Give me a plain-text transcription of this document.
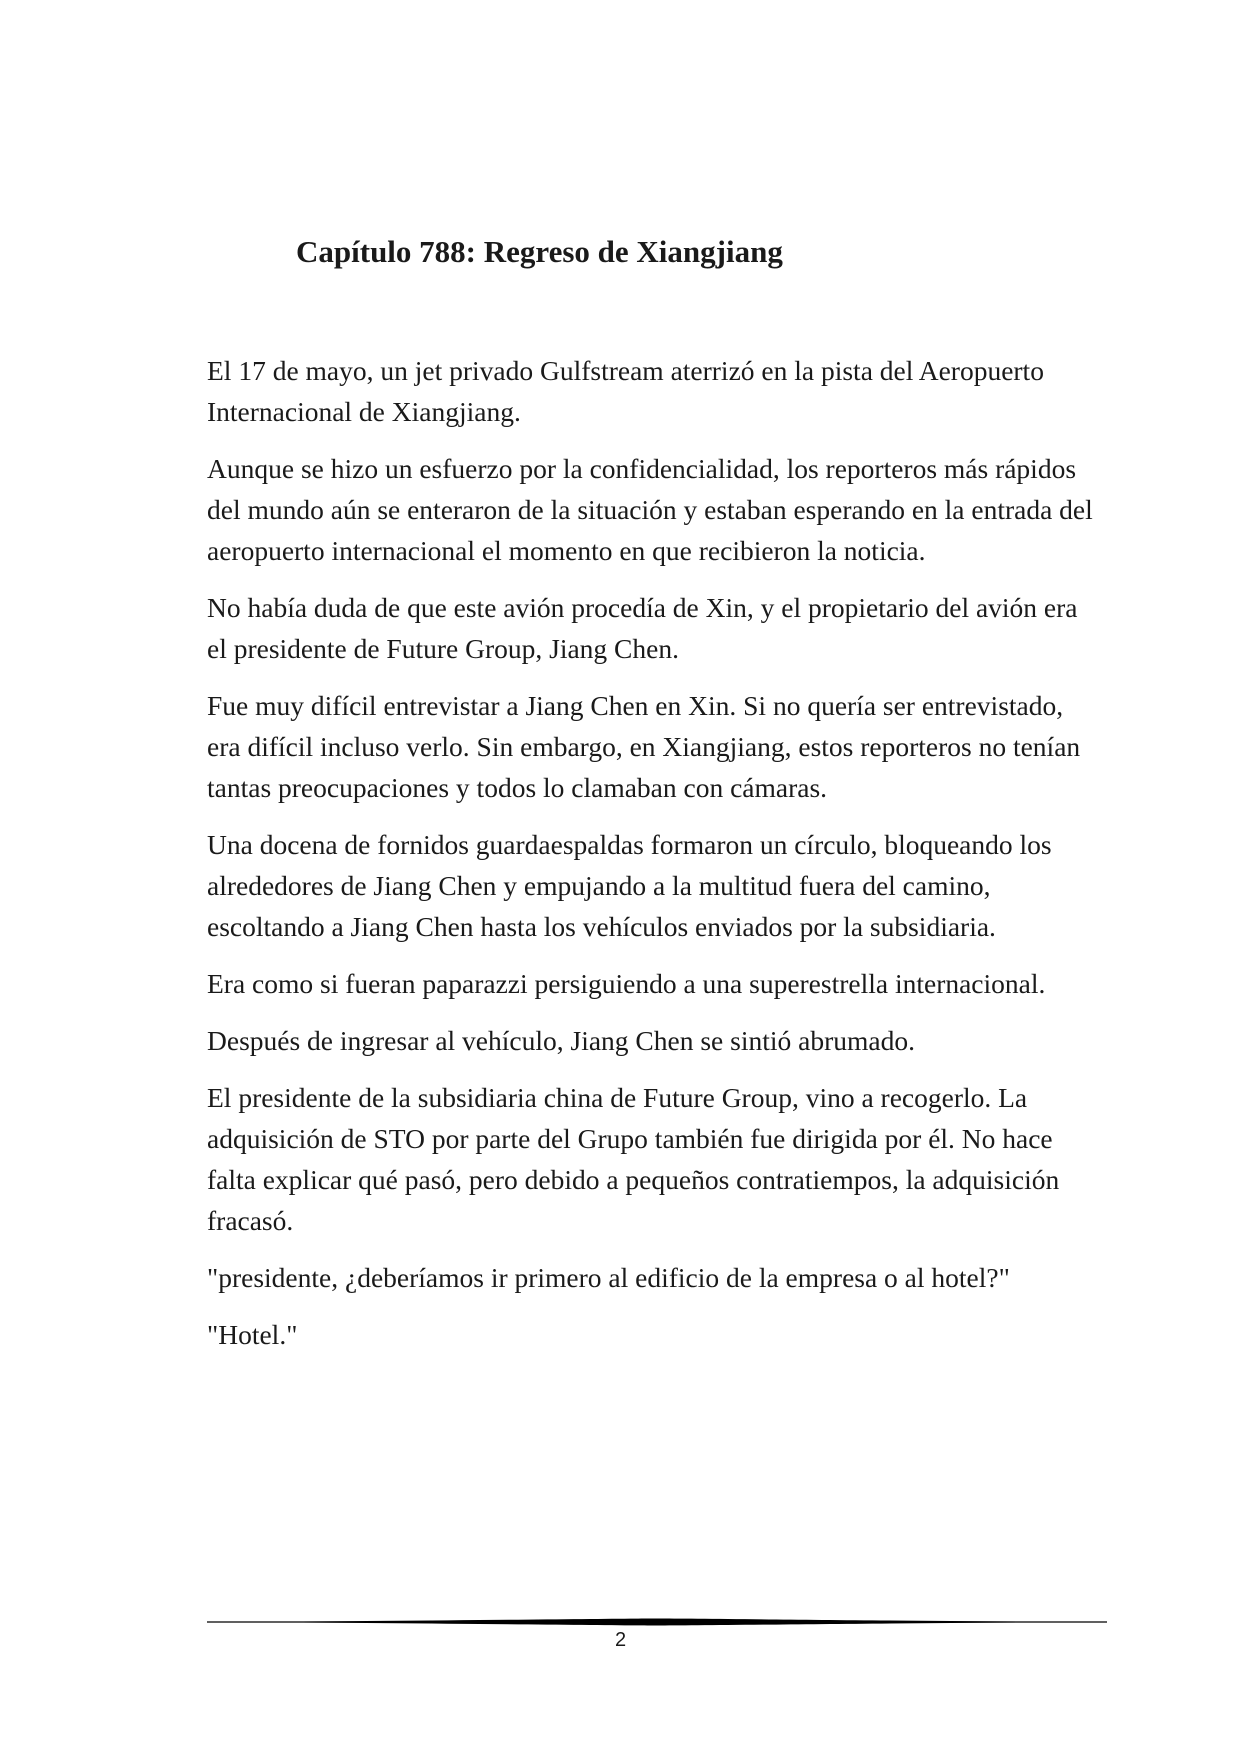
Capítulo 788: Regreso de Xiangjiang

El 17 de mayo, un jet privado Gulfstream aterrizó en la pista del Aeropuerto Internacional de Xiangjiang.

Aunque se hizo un esfuerzo por la confidencialidad, los reporteros más rápidos del mundo aún se enteraron de la situación y estaban esperando en la entrada del aeropuerto internacional el momento en que recibieron la noticia.

No había duda de que este avión procedía de Xin, y el propietario del avión era el presidente de Future Group, Jiang Chen.

Fue muy difícil entrevistar a Jiang Chen en Xin. Si no quería ser entrevistado, era difícil incluso verlo. Sin embargo, en Xiangjiang, estos reporteros no tenían tantas preocupaciones y todos lo clamaban con cámaras.

Una docena de fornidos guardaespaldas formaron un círculo, bloqueando los alrededores de Jiang Chen y empujando a la multitud fuera del camino, escoltando a Jiang Chen hasta los vehículos enviados por la subsidiaria.

Era como si fueran paparazzi persiguiendo a una superestrella internacional.

Después de ingresar al vehículo, Jiang Chen se sintió abrumado.

El presidente de la subsidiaria china de Future Group, vino a recogerlo. La adquisición de STO por parte del Grupo también fue dirigida por él. No hace falta explicar qué pasó, pero debido a pequeños contratiempos, la adquisición fracasó.

"presidente, ¿deberíamos ir primero al edificio de la empresa o al hotel?"

"Hotel."

2
